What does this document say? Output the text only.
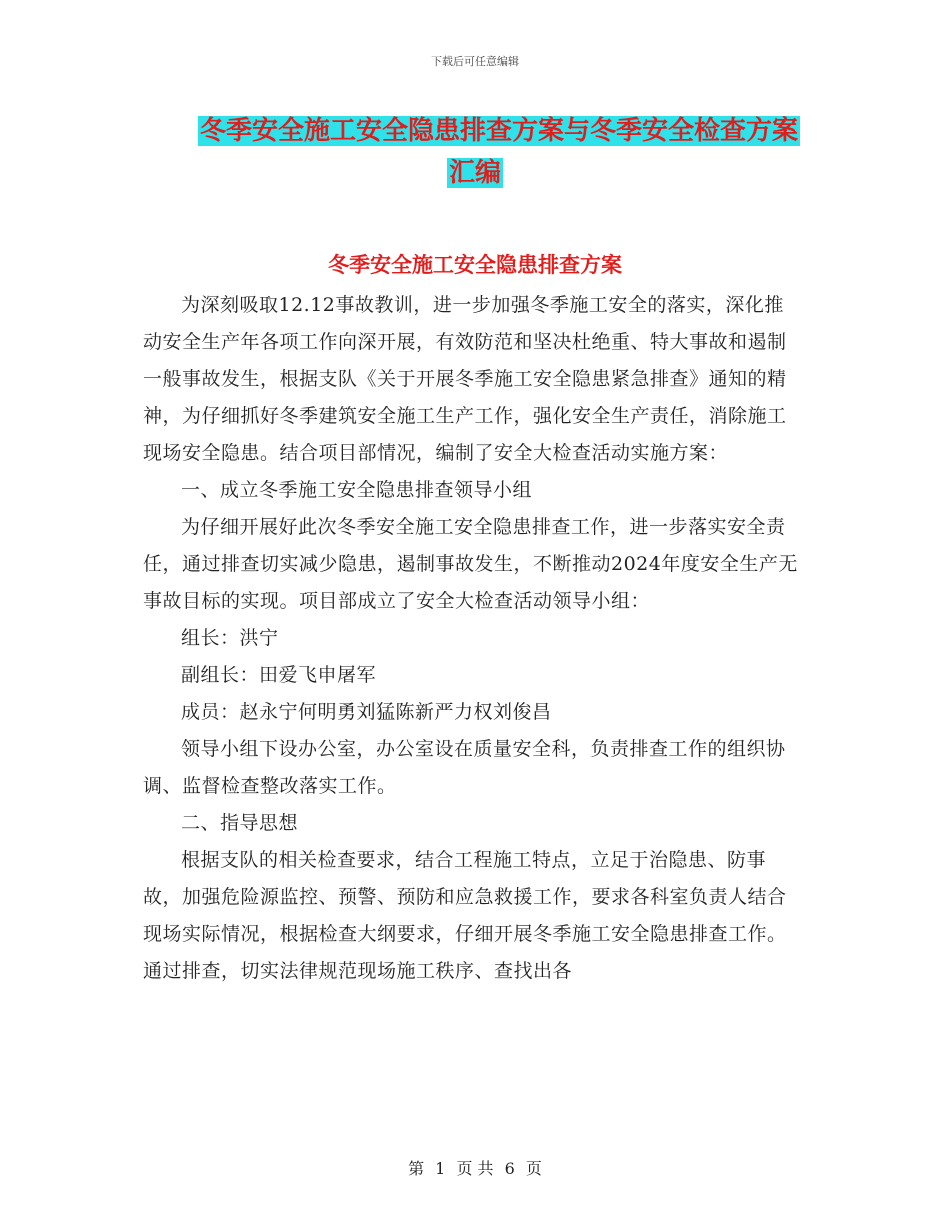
下载后可任意编辑
冬季安全施工安全隐患排查方案与冬季安全检查方案
汇编
冬季安全施工安全隐患排查方案

为深刻吸取12.12事故教训，进一步加强冬季施工安全的落实，深化推动安全生产年各项工作向深开展，有效防范和坚决杜绝重、特大事故和遏制一般事故发生，根据支队《关于开展冬季施工安全隐患紧急排查》通知的精神，为仔细抓好冬季建筑安全施工生产工作，强化安全生产责任，消除施工现场安全隐患。结合项目部情况，编制了安全大检查活动实施方案：

一、成立冬季施工安全隐患排查领导小组

为仔细开展好此次冬季安全施工安全隐患排查工作，进一步落实安全责任，通过排查切实减少隐患，遏制事故发生，不断推动2024年度安全生产无事故目标的实现。项目部成立了安全大检查活动领导小组：

组长：洪宁

副组长：田爱飞申屠军

成员：赵永宁何明勇刘猛陈新严力权刘俊昌

领导小组下设办公室，办公室设在质量安全科，负责排查工作的组织协调、监督检查整改落实工作。

二、指导思想

根据支队的相关检查要求，结合工程施工特点，立足于治隐患、防事故，加强危险源监控、预警、预防和应急救援工作，要求各科室负责人结合现场实际情况，根据检查大纲要求，仔细开展冬季施工安全隐患排查工作。通过排查，切实法律规范现场施工秩序、查找出各

第 1 页 共 6 页
